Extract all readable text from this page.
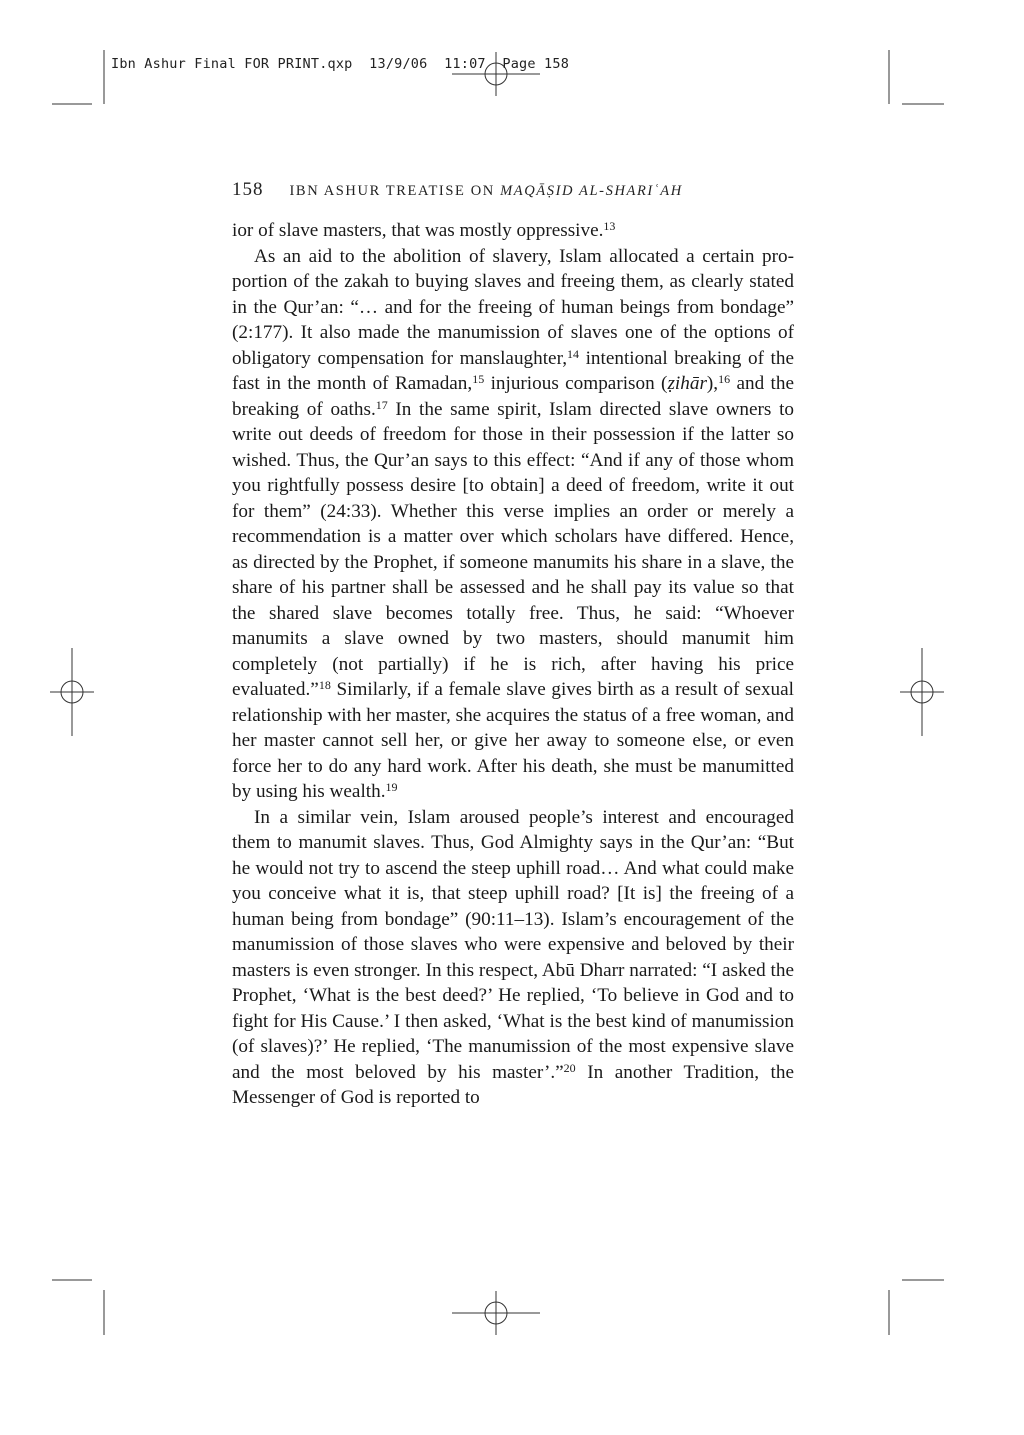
Ibn Ashur Final FOR PRINT.qxp  13/9/06  11:07  Page 158
158 IBN ASHUR TREATISE ON MAQĀṢID AL-SHARIʿAH

ior of slave masters, that was mostly oppressive.$^{13}$

As an aid to the abolition of slavery, Islam allocated a certain proportion of the zakah to buying slaves and freeing them, as clearly stated in the Qur’an: “… and for the freeing of human beings from bondage” (2:177). It also made the manumission of slaves one of the options of obligatory compensation for manslaughter,$^{14}$ intentional breaking of the fast in the month of Ramadan,$^{15}$ injurious comparison (ẓihār),$^{16}$ and the breaking of oaths.$^{17}$ In the same spirit, Islam directed slave owners to write out deeds of freedom for those in their possession if the latter so wished. Thus, the Qur’an says to this effect: “And if any of those whom you rightfully possess desire [to obtain] a deed of freedom, write it out for them” (24:33). Whether this verse implies an order or merely a recommendation is a matter over which scholars have differed. Hence, as directed by the Prophet, if someone manumits his share in a slave, the share of his partner shall be assessed and he shall pay its value so that the shared slave becomes totally free. Thus, he said: “Whoever manumits a slave owned by two masters, should manumit him completely (not partially) if he is rich, after having his price evaluated.”$^{18}$ Similarly, if a female slave gives birth as a result of sexual relationship with her master, she acquires the status of a free woman, and her master cannot sell her, or give her away to someone else, or even force her to do any hard work. After his death, she must be manumitted by using his wealth.$^{19}$

In a similar vein, Islam aroused people’s interest and encouraged them to manumit slaves. Thus, God Almighty says in the Qur’an: “But he would not try to ascend the steep uphill road… And what could make you conceive what it is, that steep uphill road? [It is] the freeing of a human being from bondage” (90:11–13). Islam’s encouragement of the manumission of those slaves who were expensive and beloved by their masters is even stronger. In this respect, Abū Dharr narrated: “I asked the Prophet, ‘What is the best deed?’ He replied, ‘To believe in God and to fight for His Cause.’ I then asked, ‘What is the best kind of manumission (of slaves)?’ He replied, ‘The manumission of the most expensive slave and the most beloved by his master’.”$^{20}$ In another Tradition, the Messenger of God is reported to
